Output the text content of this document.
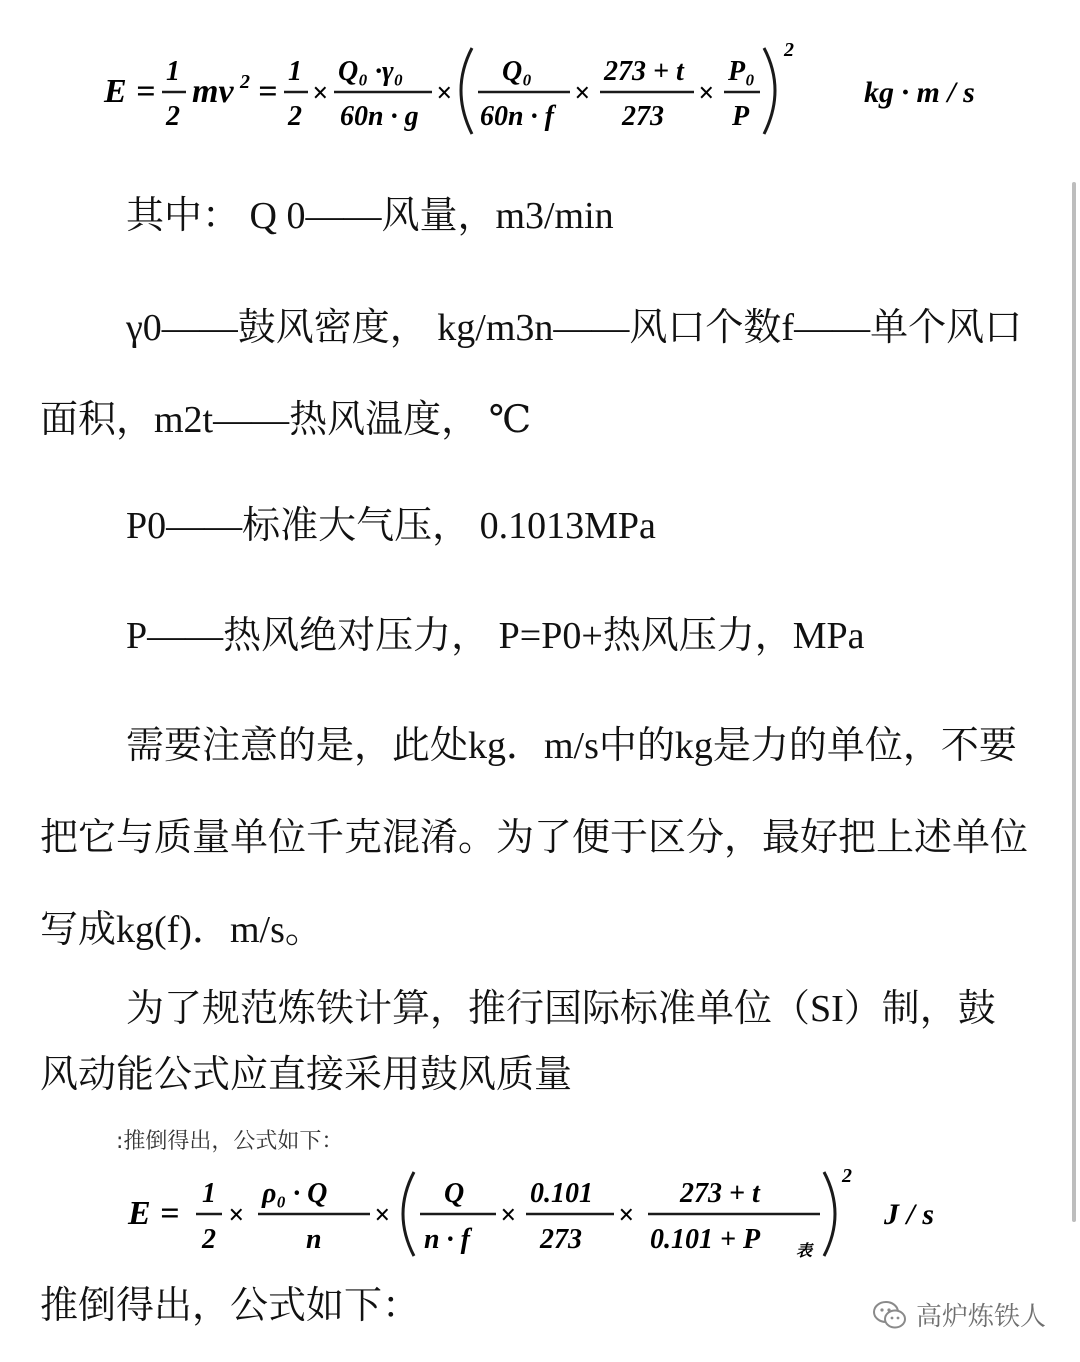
E =
1
2
mv 2 =
1
2
×
Q₀ ·γ₀
60n · g
×
Q₀
60n · f
×
273 + t
273
×
P₀
P
2
kg · m / s

其中： Q 0——风量，m3/min

γ0——鼓风密度， kg/m3n——风口个数f——单个风口面积，m2t——热风温度， ℃

P0——标准大气压， 0.1013MPa

P——热风绝对压力， P=P0+热风压力，MPa

需要注意的是，此处kg．m/s中的kg是力的单位，不要把它与质量单位千克混淆。为了便于区分，最好把上述单位写成kg(f)．m/s。

为了规范炼铁计算，推行国际标准单位（SI）制，鼓风动能公式应直接采用鼓风质量

:推倒得出，公式如下：
E =
1
2
×
ρ₀ · Q
n
×
Q
n · f
×
0.101
273
×
273 + t
0.101 + P 表
2
J / s

推倒得出，公式如下：	高炉炼铁人
